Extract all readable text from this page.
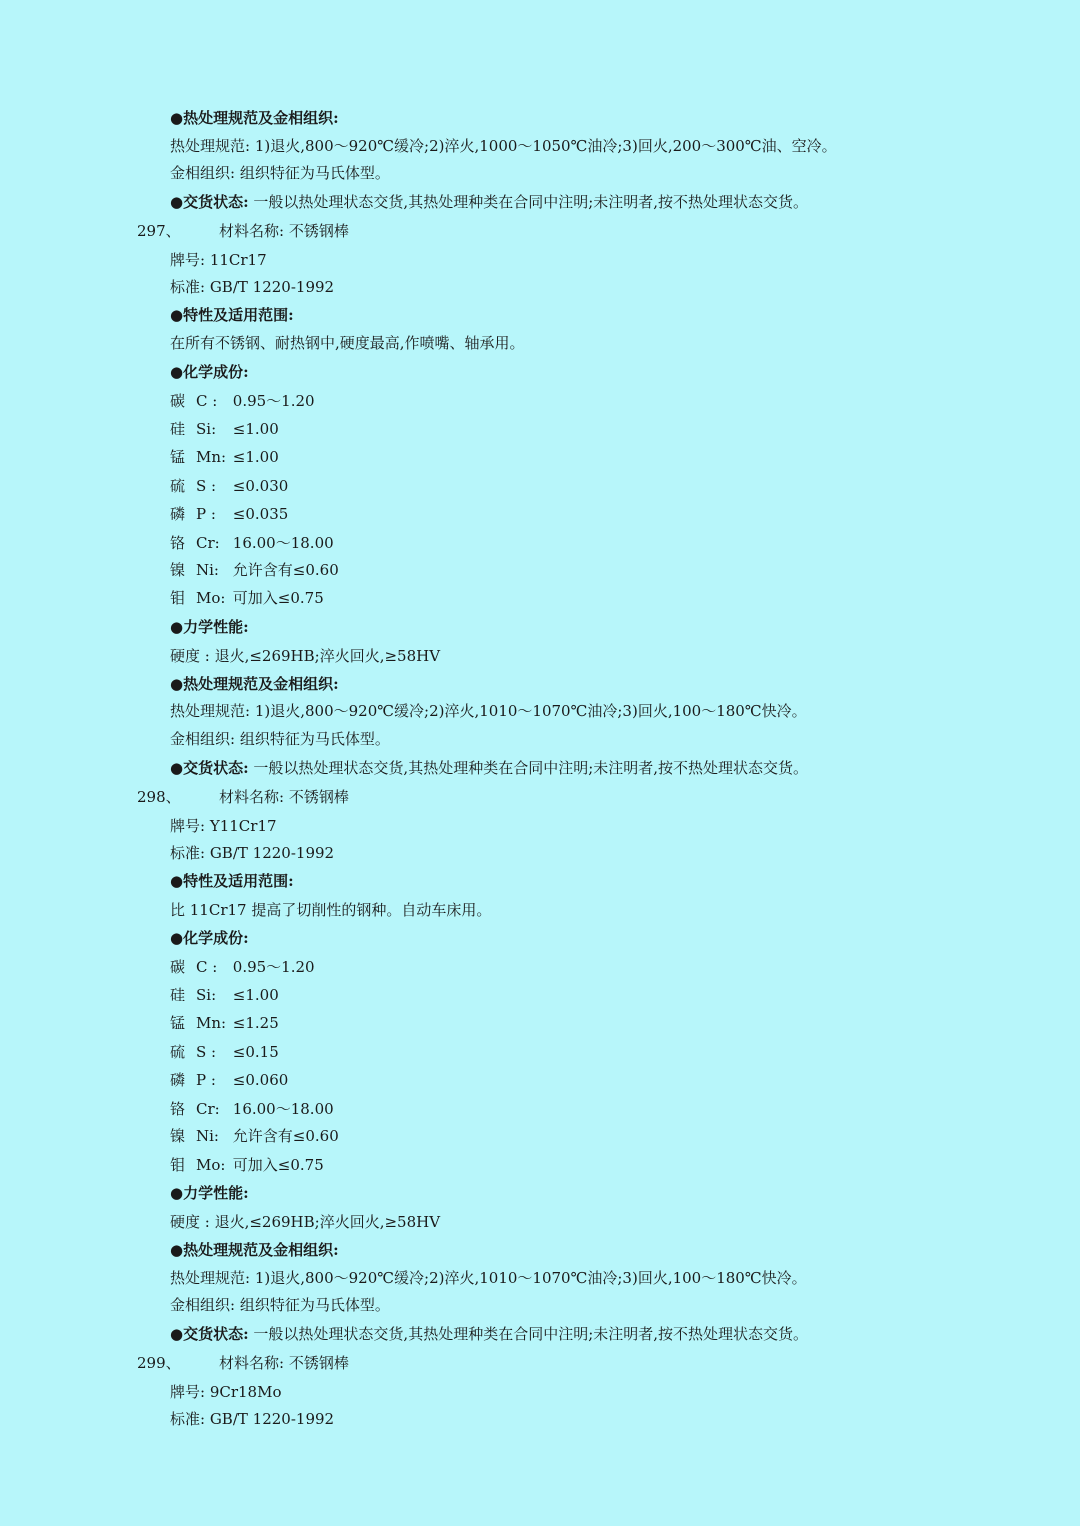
●热处理规范及金相组织:
热处理规范: 1)退火,800～920℃缓冷;2)淬火,1000～1050℃油冷;3)回火,200～300℃油、空冷。
金相组织: 组织特征为马氏体型。
●交货状态: 一般以热处理状态交货,其热处理种类在合同中注明;未注明者,按不热处理状态交货。
297、	材料名称: 不锈钢棒
牌号: 11Cr17
标准: GB/T 1220-1992
●特性及适用范围:
在所有不锈钢、耐热钢中,硬度最高,作喷嘴、轴承用。
●化学成份:
碳 C : 0.95～1.20
硅 Si: ≤1.00
锰 Mn: ≤1.00
硫 S : ≤0.030
磷 P : ≤0.035
铬 Cr: 16.00～18.00
镍 Ni: 允许含有≤0.60
钼 Mo: 可加入≤0.75
●力学性能:
硬度 : 退火,≤269HB;淬火回火,≥58HV
●热处理规范及金相组织:
热处理规范: 1)退火,800～920℃缓冷;2)淬火,1010～1070℃油冷;3)回火,100～180℃快冷。
金相组织: 组织特征为马氏体型。
●交货状态: 一般以热处理状态交货,其热处理种类在合同中注明;未注明者,按不热处理状态交货。
298、	材料名称: 不锈钢棒
牌号: Y11Cr17
标准: GB/T 1220-1992
●特性及适用范围:
比 11Cr17 提高了切削性的钢种。自动车床用。
●化学成份:
碳 C : 0.95～1.20
硅 Si: ≤1.00
锰 Mn: ≤1.25
硫 S : ≤0.15
磷 P : ≤0.060
铬 Cr: 16.00～18.00
镍 Ni: 允许含有≤0.60
钼 Mo: 可加入≤0.75
●力学性能:
硬度 : 退火,≤269HB;淬火回火,≥58HV
●热处理规范及金相组织:
热处理规范: 1)退火,800～920℃缓冷;2)淬火,1010～1070℃油冷;3)回火,100～180℃快冷。
金相组织: 组织特征为马氏体型。
●交货状态: 一般以热处理状态交货,其热处理种类在合同中注明;未注明者,按不热处理状态交货。
299、	材料名称: 不锈钢棒
牌号: 9Cr18Mo
标准: GB/T 1220-1992
